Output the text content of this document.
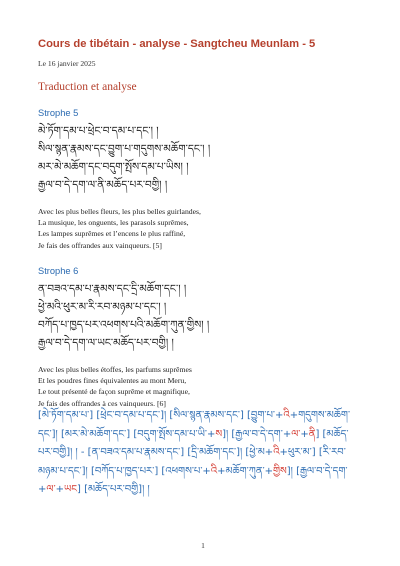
Cours de tibétain - analyse - Sangtcheu Meunlam - 5
Le 16 janvier 2025
Traduction et analyse
Strophe 5
མེ་ཏོག་དམ་པ་ཕྲེང་བ་དམ་པ་དང་། །
སིལ་སྙན་རྣམས་དང་བྱུག་པ་གདུགས་མཆོག་དང་། །
མར་མེ་མཆོག་དང་བདུག་སྤོས་དམ་པ་ཡིས། །
རྒྱལ་བ་དེ་དག་ལ་ནི་མཆོད་པར་བགྱི། །
Avec les plus belles fleurs, les plus belles guirlandes,
La musique, les onguents, les parasols suprêmes,
Les lampes suprêmes et l’encens le plus raffiné,
Je fais des offrandes aux vainqueurs. [5]
Strophe 6
ན་བཟའ་དམ་པ་རྣམས་དང་དྲི་མཆོག་དང་། །
ཕྱེ་མའི་ཕུར་མ་རི་རབ་མཉམ་པ་དང་། །
བཀོད་པ་ཁྱད་པར་འཕགས་པའི་མཆོག་ཀུན་གྱིས། །
རྒྱལ་བ་དེ་དག་ལ་ཡང་མཆོད་པར་བགྱི། །
Avec les plus belles étoffes, les parfums suprêmes
Et les poudres fines équivalentes au mont Meru,
Le tout présenté de façon suprême et magnifique,
Je fais des offrandes à ces vainqueurs. [6]
[མེ་ཏོག་དམ་པ་] [ཕྲེང་བ་དམ་པ་དང་]། [སིལ་སྙན་རྣམས་དང་] [བྱུག་པ་+འི+གདུགས་མཆོག་དང་]། [མར་མེ་མཆོག་དང་] [བདུག་སྤོས་དམ་པ་ཡི་+ས]། [རྒྱལ་བ་དེ་དག་+ལ་+ནི] [མཆོད་པར་བགྱི]། ། - [ན་བཟའ་དམ་པ་རྣམས་དང་] [དྲི་མཆོག་དང་]། [ཕྱེ་མ+འི+ཕུར་མ་] [རི་རབ་མཉམ་པ་དང་]། [བཀོད་པ་ཁྱད་པར་] [འཕགས་པ་+འི+མཆོག་ཀུན་+གྱིས]། [རྒྱལ་བ་དེ་དག་+ལ་+ཡང] [མཆོད་པར་བགྱི]། །
1
